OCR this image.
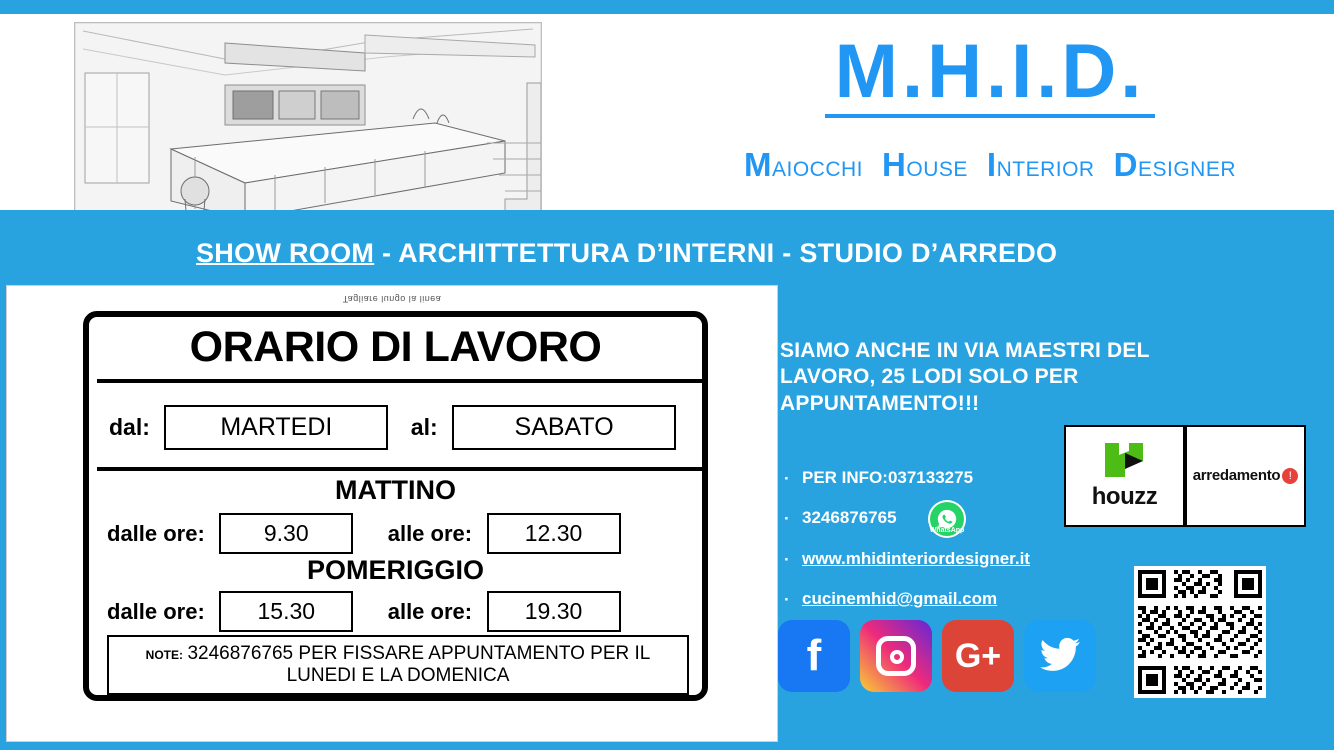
M.H.I.D.
MAIOCCHI HOUSE INTERIOR DESIGNER
SHOW ROOM - ARCHITTETTURA D’INTERNI - STUDIO D’ARREDO
Tagliare lungo la linea
ORARIO DI LAVORO
dal:	MARTEDI	al:	SABATO
MATTINO
dalle ore:	9.30	alle ore: 12.30
POMERIGGIO
dalle ore: 15.30	alle ore: 19.30
NOTE: 3246876765 PER FISSARE APPUNTAMENTO PER IL LUNEDI E LA DOMENICA
SIAMO ANCHE IN VIA MAESTRI DEL LAVORO, 25 LODI SOLO PER APPUNTAMENTO!!!
· PER INFO:037133275
· 3246876765
WhatsApp
· www.mhidinteriordesigner.it
· cucinemhid@gmail.com
houzz
arredamento !
f	G+
